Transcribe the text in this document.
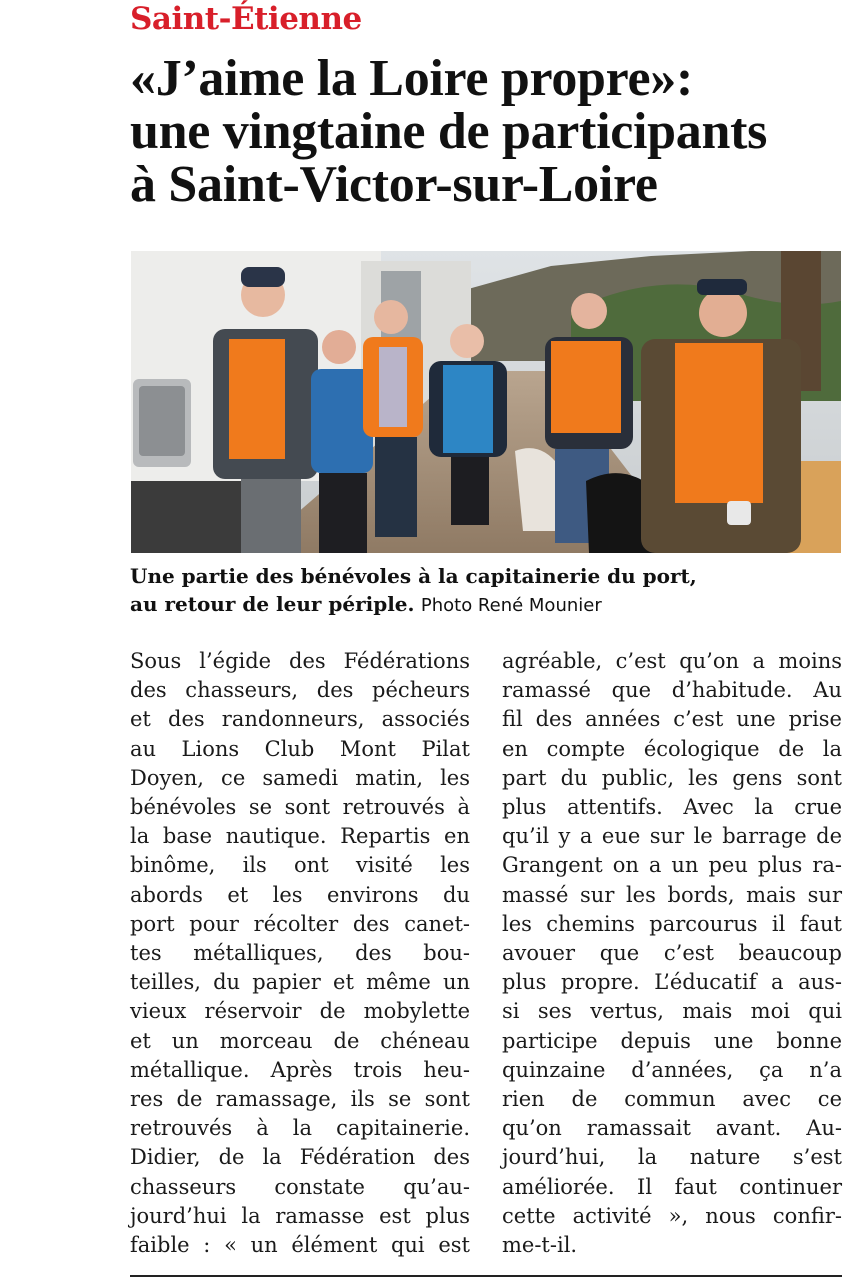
Saint-Étienne
«J’aime la Loire propre»:
une vingtaine de participants
à Saint-Victor-sur-Loire
Une partie des bénévoles à la capitainerie du port,
au retour de leur périple. Photo René Mounier
Sous l’égide des Fédérations
des chasseurs, des pécheurs
et des randonneurs, associés
au Lions Club Mont Pilat
Doyen, ce samedi matin, les
bénévoles se sont retrouvés à
la base nautique. Repartis en
binôme, ils ont visité les
abords et les environs du
port pour récolter des canet-
tes métalliques, des bou-
teilles, du papier et même un
vieux réservoir de mobylette
et un morceau de chéneau
métallique. Après trois heu-
res de ramassage, ils se sont
retrouvés à la capitainerie.
Didier, de la Fédération des
chasseurs constate qu’au-
jourd’hui la ramasse est plus
faible : « un élément qui est
agréable, c’est qu’on a moins
ramassé que d’habitude. Au
fil des années c’est une prise
en compte écologique de la
part du public, les gens sont
plus attentifs. Avec la crue
qu’il y a eue sur le barrage de
Grangent on a un peu plus ra-
massé sur les bords, mais sur
les chemins parcourus il faut
avouer que c’est beaucoup
plus propre. L’éducatif a aus-
si ses vertus, mais moi qui
participe depuis une bonne
quinzaine d’années, ça n’a
rien de commun avec ce
qu’on ramassait avant. Au-
jourd’hui, la nature s’est
améliorée. Il faut continuer
cette activité », nous confir-
me-t-il.
